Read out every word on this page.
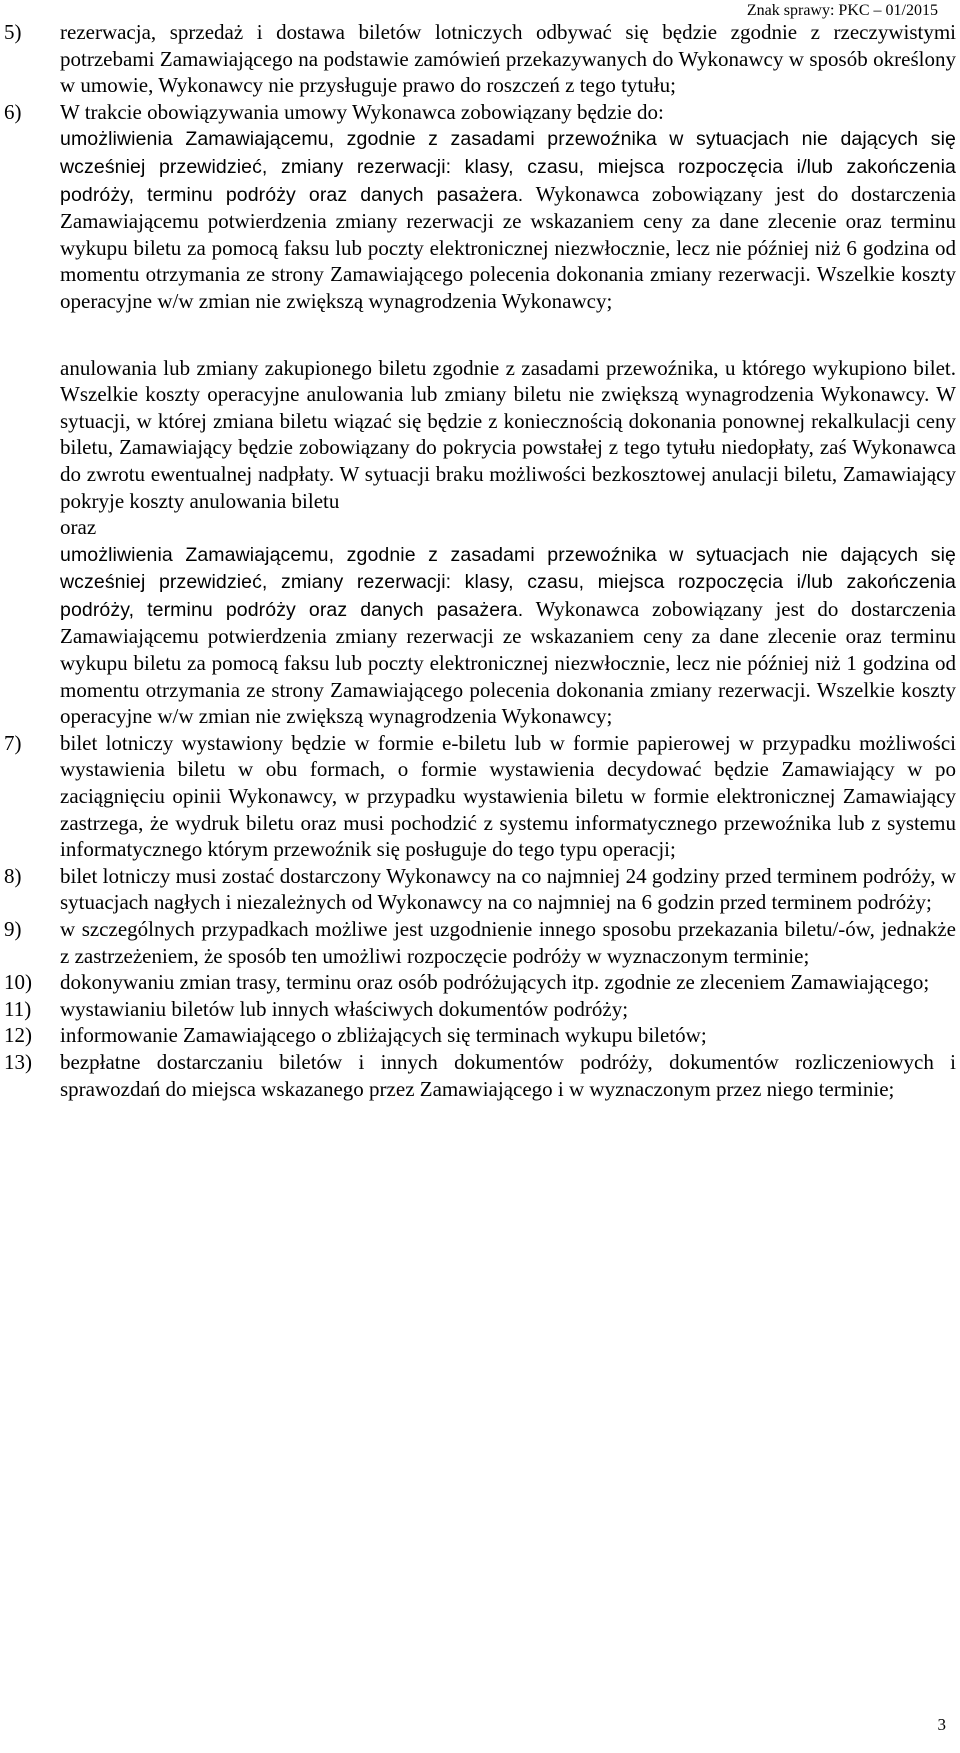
Znak sprawy: PKC – 01/2015
5)	rezerwacja, sprzedaż i dostawa biletów lotniczych odbywać się będzie zgodnie z rzeczywistymi potrzebami Zamawiającego na podstawie zamówień przekazywanych do Wykonawcy w sposób określony w umowie, Wykonawcy nie przysługuje prawo do roszczeń z tego tytułu;
6)	W trakcie obowiązywania umowy Wykonawca zobowiązany będzie do:

umożliwienia Zamawiającemu, zgodnie z zasadami przewoźnika w sytuacjach nie dających się wcześniej przewidzieć, zmiany rezerwacji: klasy, czasu, miejsca rozpoczęcia i/lub zakończenia podróży, terminu podróży oraz danych pasażera. Wykonawca zobowiązany jest do dostarczenia Zamawiającemu potwierdzenia zmiany rezerwacji ze wskazaniem ceny za dane zlecenie oraz terminu wykupu biletu za pomocą faksu lub poczty elektronicznej niezwłocznie, lecz nie później niż 6 godzina od momentu otrzymania ze strony Zamawiającego polecenia dokonania zmiany rezerwacji. Wszelkie koszty operacyjne w/w zmian nie zwiększą wynagrodzenia Wykonawcy;

anulowania lub zmiany zakupionego biletu zgodnie z zasadami przewoźnika, u którego wykupiono bilet. Wszelkie koszty operacyjne anulowania lub zmiany biletu nie zwiększą wynagrodzenia Wykonawcy. W sytuacji, w której zmiana biletu wiązać się będzie z koniecznością dokonania ponownej rekalkulacji ceny biletu, Zamawiający będzie zobowiązany do pokrycia powstałej z tego tytułu niedopłaty, zaś Wykonawca do zwrotu ewentualnej nadpłaty. W sytuacji braku możliwości bezkosztowej anulacji biletu, Zamawiający pokryje koszty anulowania biletu

oraz

umożliwienia Zamawiającemu, zgodnie z zasadami przewoźnika w sytuacjach nie dających się wcześniej przewidzieć, zmiany rezerwacji: klasy, czasu, miejsca rozpoczęcia i/lub zakończenia podróży, terminu podróży oraz danych pasażera. Wykonawca zobowiązany jest do dostarczenia Zamawiającemu potwierdzenia zmiany rezerwacji ze wskazaniem ceny za dane zlecenie oraz terminu wykupu biletu za pomocą faksu lub poczty elektronicznej niezwłocznie, lecz nie później niż 1 godzina od momentu otrzymania ze strony Zamawiającego polecenia dokonania zmiany rezerwacji. Wszelkie koszty operacyjne w/w zmian nie zwiększą wynagrodzenia Wykonawcy;

7)	bilet lotniczy wystawiony będzie w formie e-biletu lub w formie papierowej w przypadku możliwości wystawienia biletu w obu formach, o formie wystawienia decydować będzie Zamawiający w po zaciągnięciu opinii Wykonawcy, w przypadku wystawienia biletu w formie elektronicznej Zamawiający zastrzega, że wydruk biletu oraz musi pochodzić z systemu informatycznego przewoźnika lub z systemu informatycznego którym przewoźnik się posługuje do tego typu operacji;
8)	bilet lotniczy musi zostać dostarczony Wykonawcy na co najmniej 24 godziny przed terminem podróży, w sytuacjach nagłych i niezależnych od Wykonawcy na co najmniej na 6 godzin przed terminem podróży;
9)	w szczególnych przypadkach możliwe jest uzgodnienie innego sposobu przekazania biletu/-ów, jednakże z zastrzeżeniem, że sposób ten umożliwi rozpoczęcie podróży w wyznaczonym terminie;
10)	dokonywaniu zmian trasy, terminu oraz osób podróżujących itp. zgodnie ze zleceniem Zamawiającego;
11)	wystawianiu biletów lub innych właściwych dokumentów podróży;
12)	informowanie Zamawiającego o zbliżających się terminach wykupu biletów;
13)	bezpłatne dostarczaniu biletów i innych dokumentów podróży, dokumentów rozliczeniowych i sprawozdań do miejsca wskazanego przez Zamawiającego i w wyznaczonym przez niego terminie;
3
